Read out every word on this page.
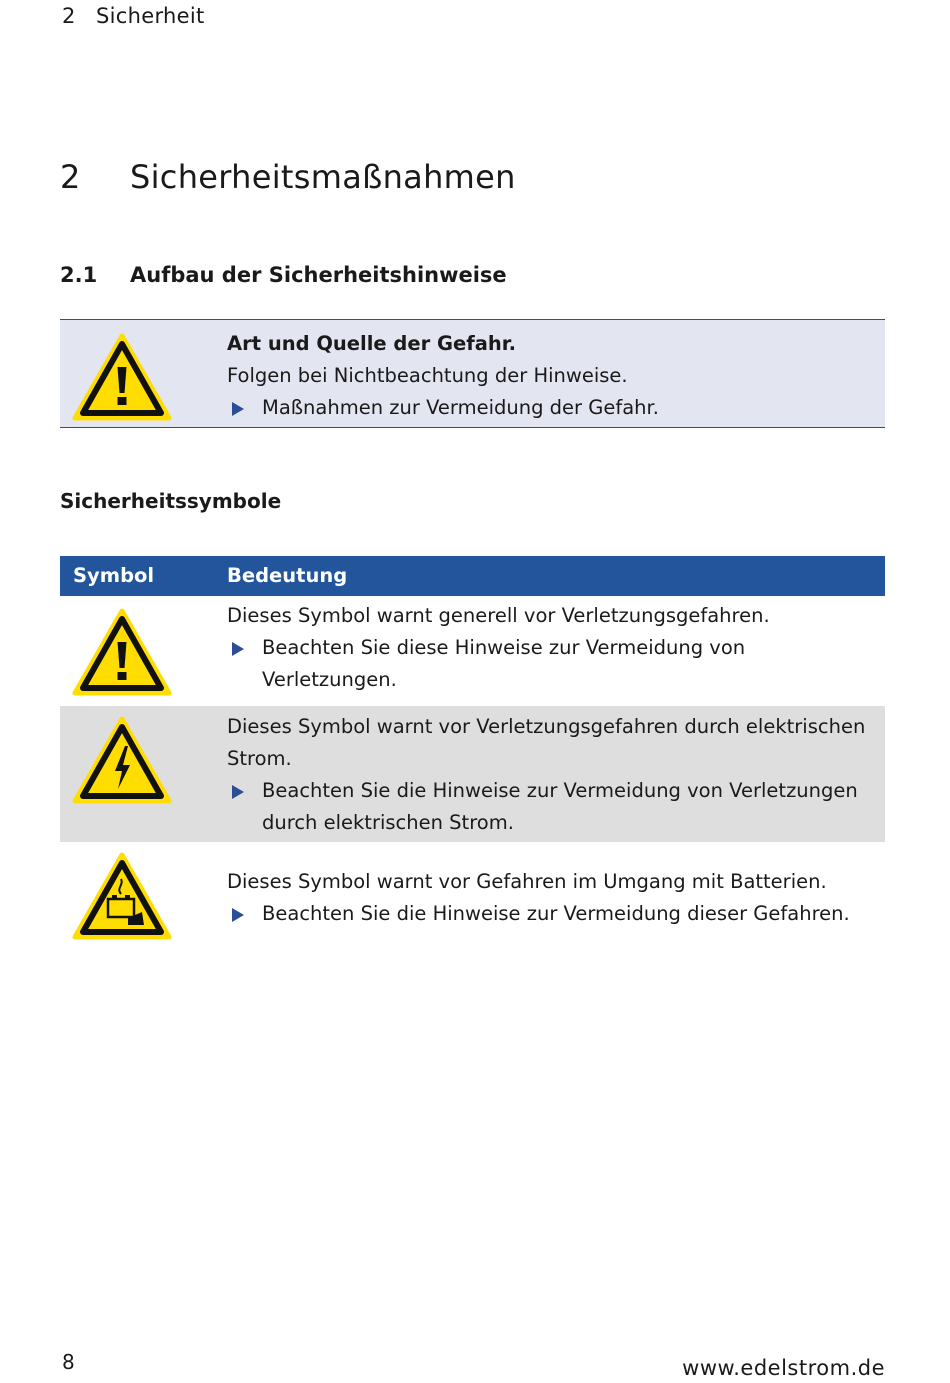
2 Sicherheit
2 Sicherheitsmaßnahmen
2.1 Aufbau der Sicherheitshinweise
Art und Quelle der Gefahr.
Folgen bei Nichtbeachtung der Hinweise.
Maßnahmen zur Vermeidung der Gefahr.
Sicherheitssymbole
Symbol	Bedeutung
Dieses Symbol warnt generell vor Verletzungsgefahren.
Beachten Sie diese Hinweise zur Vermeidung von Verletzungen.
Dieses Symbol warnt vor Verletzungsgefahren durch elektrischen Strom.
Beachten Sie die Hinweise zur Vermeidung von Verletzungen durch elektrischen Strom.
Dieses Symbol warnt vor Gefahren im Umgang mit Batterien.
Beachten Sie die Hinweise zur Vermeidung dieser Gefahren.
8	www.edelstrom.de
